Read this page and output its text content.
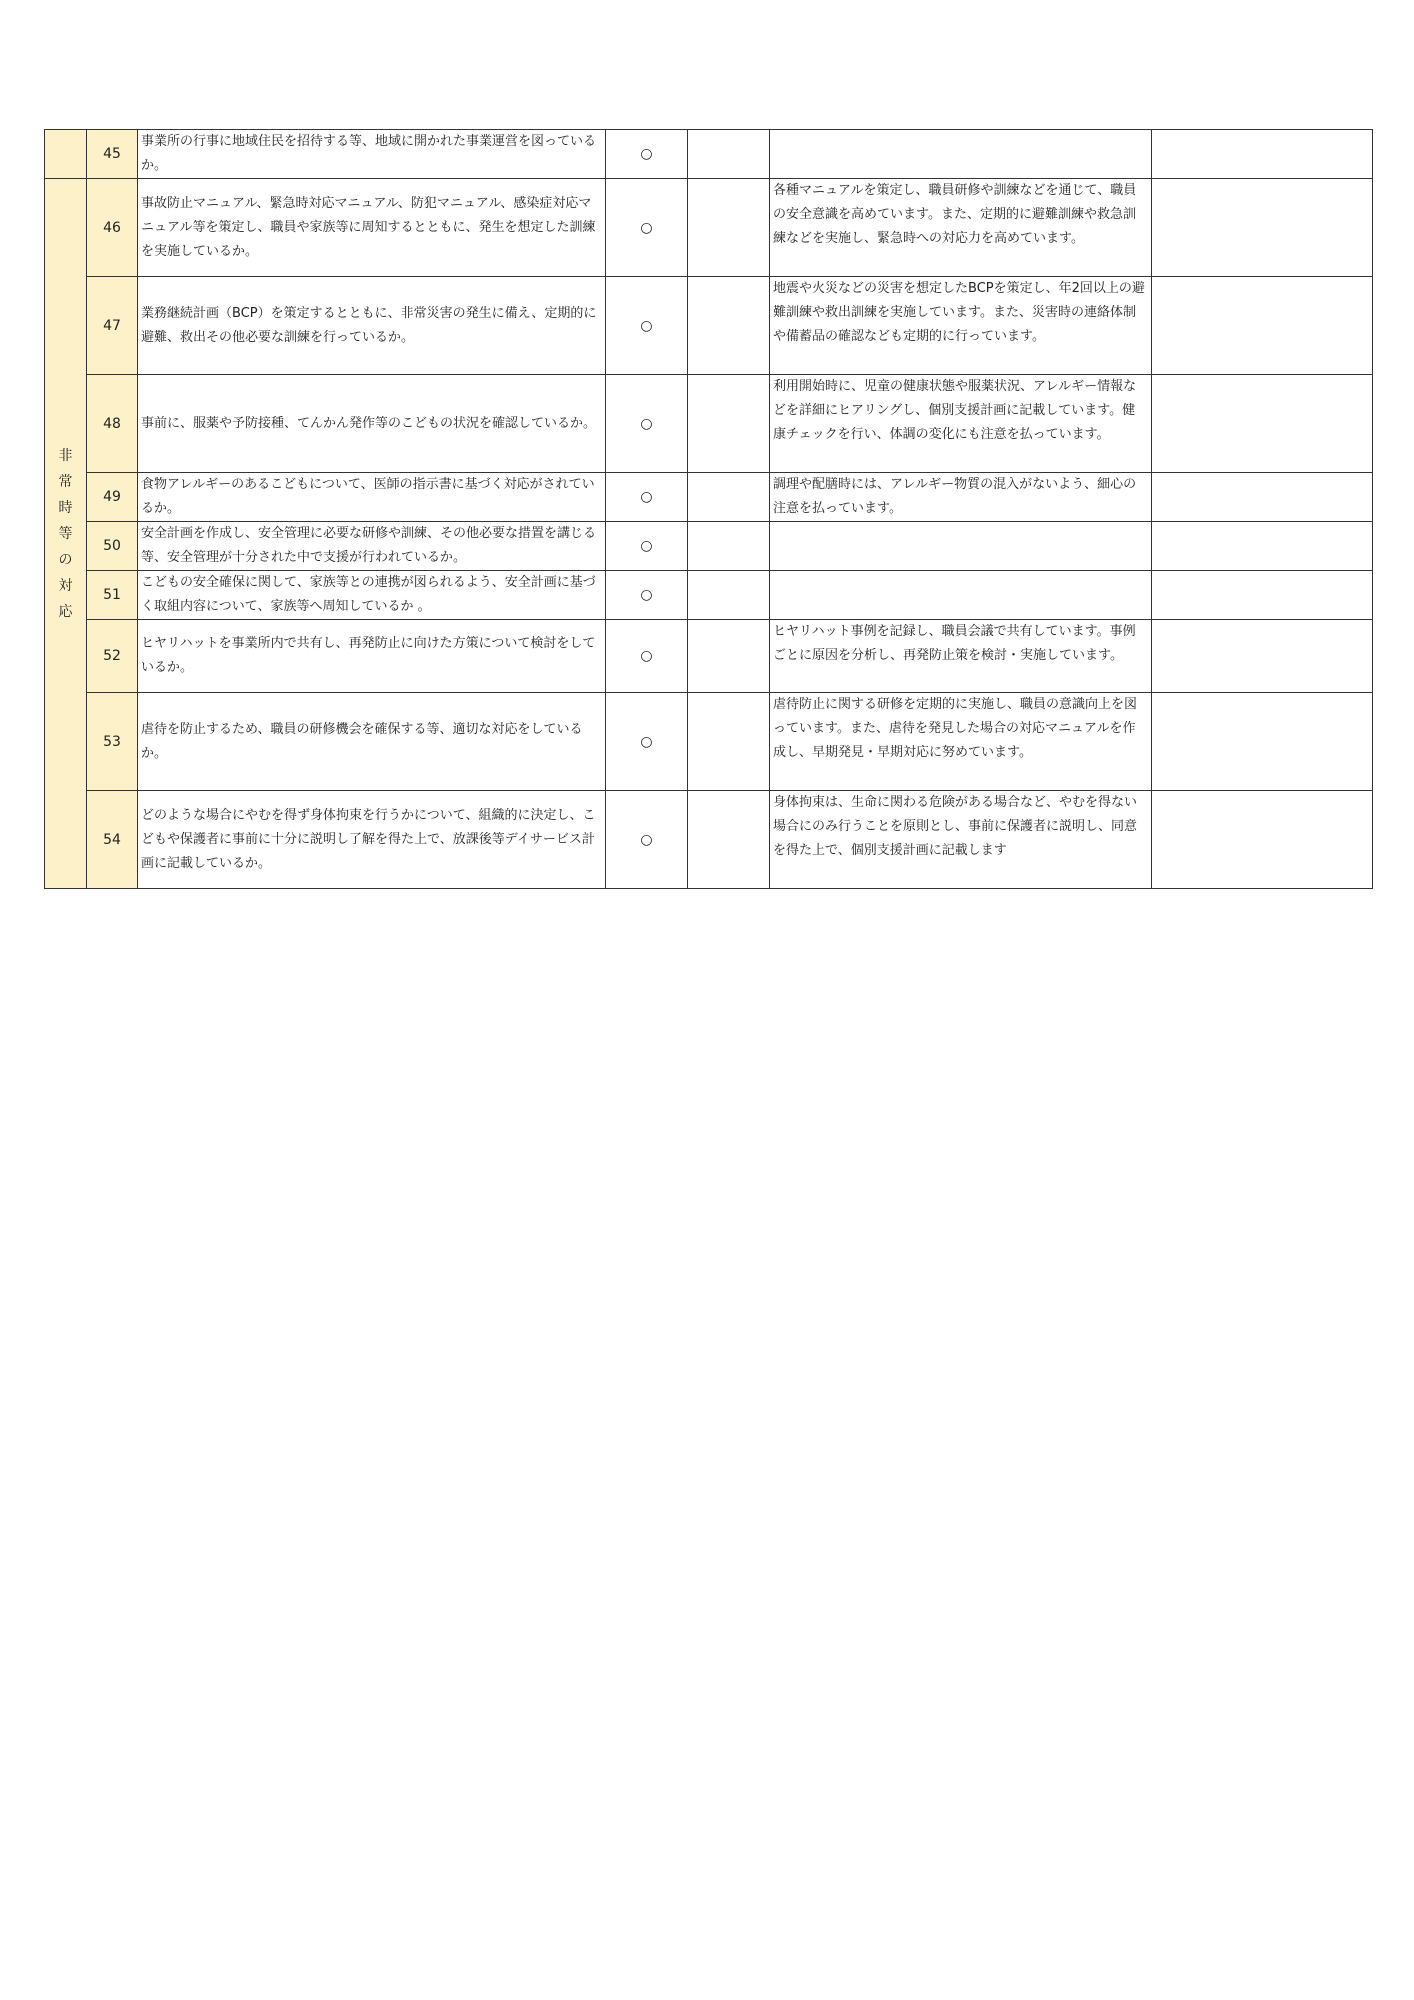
	45	事業所の行事に地域住民を招待する等、地域に開かれた事業運営を図っているか。	○			
非常時等の対応	46	事故防止マニュアル、緊急時対応マニュアル、防犯マニュアル、感染症対応マニュアル等を策定し、職員や家族等に周知するとともに、発生を想定した訓練を実施しているか。	○		各種マニュアルを策定し、職員研修や訓練などを通じて、職員の安全意識を高めています。また、定期的に避難訓練や救急訓練などを実施し、緊急時への対応力を高めています。	
	47	業務継続計画（BCP）を策定するとともに、非常災害の発生に備え、定期的に避難、救出その他必要な訓練を行っているか。	○		地震や火災などの災害を想定したBCPを策定し、年2回以上の避難訓練や救出訓練を実施しています。また、災害時の連絡体制や備蓄品の確認なども定期的に行っています。	
	48	事前に、服薬や予防接種、てんかん発作等のこどもの状況を確認しているか。	○		利用開始時に、児童の健康状態や服薬状況、アレルギー情報などを詳細にヒアリングし、個別支援計画に記載しています。健康チェックを行い、体調の変化にも注意を払っています。	
	49	食物アレルギーのあるこどもについて、医師の指示書に基づく対応がされているか。	○		調理や配膳時には、アレルギー物質の混入がないよう、細心の注意を払っています。	
	50	安全計画を作成し、安全管理に必要な研修や訓練、その他必要な措置を講じる等、安全管理が十分された中で支援が行われているか。	○			
	51	こどもの安全確保に関して、家族等との連携が図られるよう、安全計画に基づく取組内容について、家族等へ周知しているか 。	○			
	52	ヒヤリハットを事業所内で共有し、再発防止に向けた方策について検討をしているか。	○		ヒヤリハット事例を記録し、職員会議で共有しています。事例ごとに原因を分析し、再発防止策を検討・実施しています。	
	53	虐待を防止するため、職員の研修機会を確保する等、適切な対応をしているか。	○		虐待防止に関する研修を定期的に実施し、職員の意識向上を図っています。また、虐待を発見した場合の対応マニュアルを作成し、早期発見・早期対応に努めています。	
	54	どのような場合にやむを得ず身体拘束を行うかについて、組織的に決定し、こどもや保護者に事前に十分に説明し了解を得た上で、放課後等デイサービス計画に記載しているか。	○		身体拘束は、生命に関わる危険がある場合など、やむを得ない場合にのみ行うことを原則とし、事前に保護者に説明し、同意を得た上で、個別支援計画に記載します	
